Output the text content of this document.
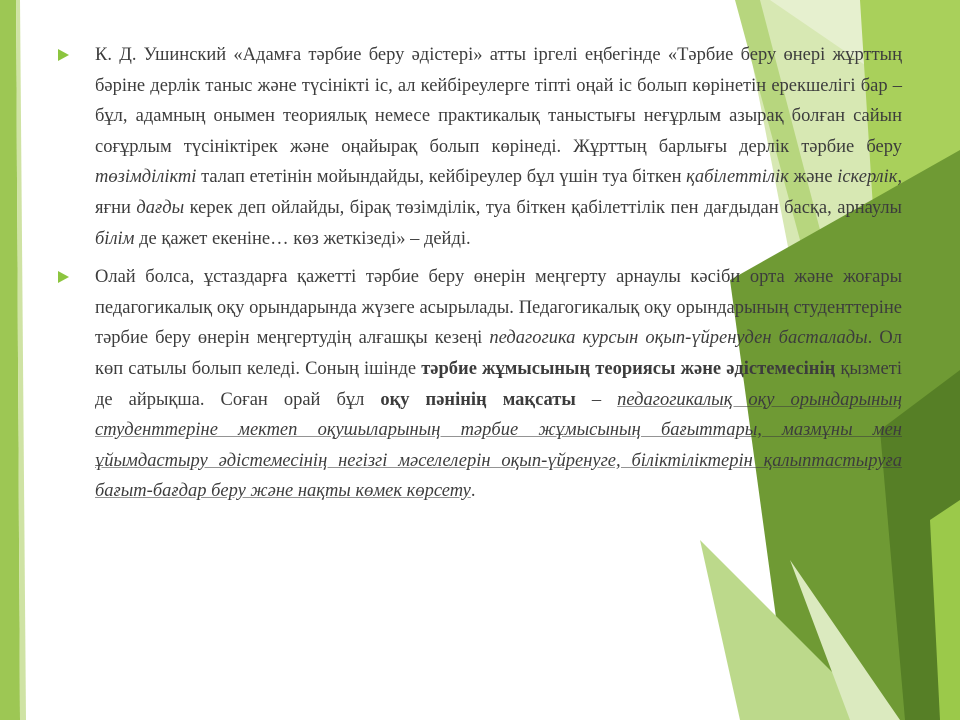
К. Д. Ушинский «Адамға тәрбие беру әдістері» атты іргелі еңбегінде «Тәрбие беру өнері жұрттың бәріне дерлік таныс және түсінікті іс, ал кейбіреулерге тіпті оңай іс болып көрінетін ерекшелігі бар – бұл, адамның онымен теориялық немесе практикалық таныстығы неғұрлым азырақ болған сайын соғұрлым түсініктірек және оңайырақ болып көрінеді. Жұрттың барлығы дерлік тәрбие беру төзімділікті талап ететінін мойындайды, кейбіреулер бұл үшін туа біткен қабілеттілік және іскерлік, яғни дағды керек деп ойлайды, бірақ төзімділік, туа біткен қабілеттілік пен дағдыдан басқа, арнаулы білім де қажет екеніне… көз жеткізеді» – дейді.
Олай болса, ұстаздарға қажетті тәрбие беру өнерін меңгерту арнаулы кәсіби орта және жоғары педагогикалық оқу орындарында жүзеге асырылады. Педагогикалық оқу орындарының студенттеріне тәрбие беру өнерін меңгертудің алғашқы кезеңі педагогика курсын оқып-үйренуден басталады. Ол көп сатылы болып келеді. Соның ішінде тәрбие жұмысының теориясы және әдістемесінің қызметі де айрықша. Соған орай бұл оқу пәнінің мақсаты – педагогикалық оқу орындарының студенттеріне мектеп оқушыларының тәрбие жұмысының бағыттары, мазмұны мен ұйымдастыру әдістемесінің негізгі мәселелерін оқып-үйренуге, біліктіліктерін қалыптастыруға бағыт-бағдар беру және нақты көмек көрсету.
